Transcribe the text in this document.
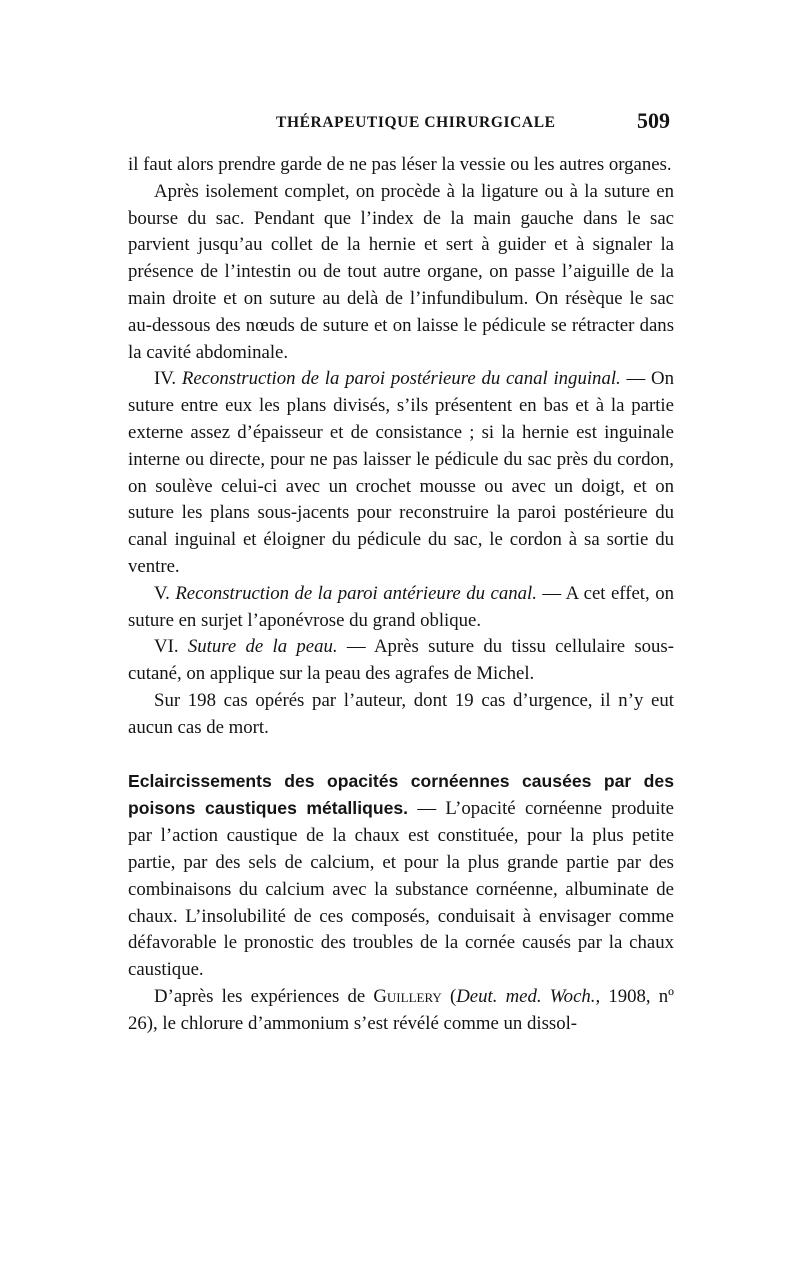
THÉRAPEUTIQUE CHIRURGICALE	509

il faut alors prendre garde de ne pas léser la vessie ou les autres organes.

Après isolement complet, on procède à la ligature ou à la suture en bourse du sac. Pendant que l’index de la main gauche dans le sac parvient jusqu’au collet de la hernie et sert à guider et à signaler la présence de l’intestin ou de tout autre organe, on passe l’aiguille de la main droite et on suture au delà de l’infundibulum. On résèque le sac au-dessous des nœuds de suture et on laisse le pédicule se rétracter dans la cavité abdominale.

IV. Reconstruction de la paroi postérieure du canal inguinal. — On suture entre eux les plans divisés, s’ils présentent en bas et à la partie externe assez d’épaisseur et de consistance ; si la hernie est inguinale interne ou directe, pour ne pas laisser le pédicule du sac près du cordon, on soulève celui-ci avec un crochet mousse ou avec un doigt, et on suture les plans sous-jacents pour reconstruire la paroi postérieure du canal inguinal et éloigner du pédicule du sac, le cordon à sa sortie du ventre.

V. Reconstruction de la paroi antérieure du canal. — A cet effet, on suture en surjet l’aponévrose du grand oblique.

VI. Suture de la peau. — Après suture du tissu cellulaire sous-cutané, on applique sur la peau des agrafes de Michel.

Sur 198 cas opérés par l’auteur, dont 19 cas d’urgence, il n’y eut aucun cas de mort.

Eclaircissements des opacités cornéennes causées par des poisons caustiques métalliques. — L’opacité cornéenne produite par l’action caustique de la chaux est constituée, pour la plus petite partie, par des sels de calcium, et pour la plus grande partie par des combinaisons du calcium avec la substance cornéenne, albuminate de chaux. L’insolubilité de ces composés, conduisait à envisager comme défavorable le pronostic des troubles de la cornée causés par la chaux caustique.

D’après les expériences de Guillery (Deut. med. Woch., 1908, nº 26), le chlorure d’ammonium s’est révélé comme un dissol-
